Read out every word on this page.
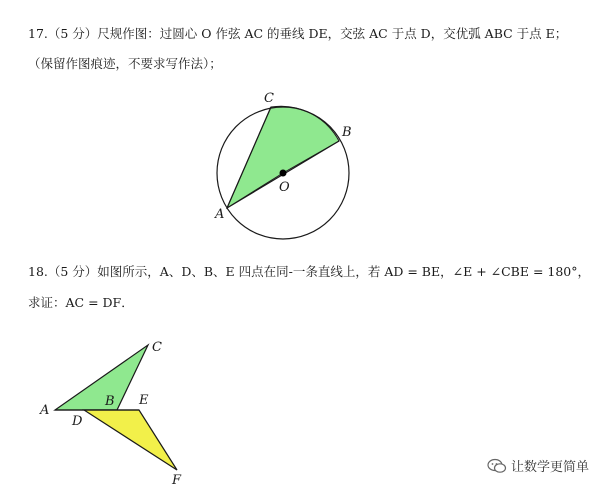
17.（5 分）尺规作图：过圆心 O 作弦 AC 的垂线 DE，交弦 AC 于点 D，交优弧 ABC 于点 E；
（保留作图痕迹，不要求写作法）；
C
B
O
A
18.（5 分）如图所示，A、D、B、E 四点在同-一条直线上，若 AD = BE，∠E + ∠CBE = 180°，
求证：AC = DF．
C
A
B E
D
F
让数学更简单
